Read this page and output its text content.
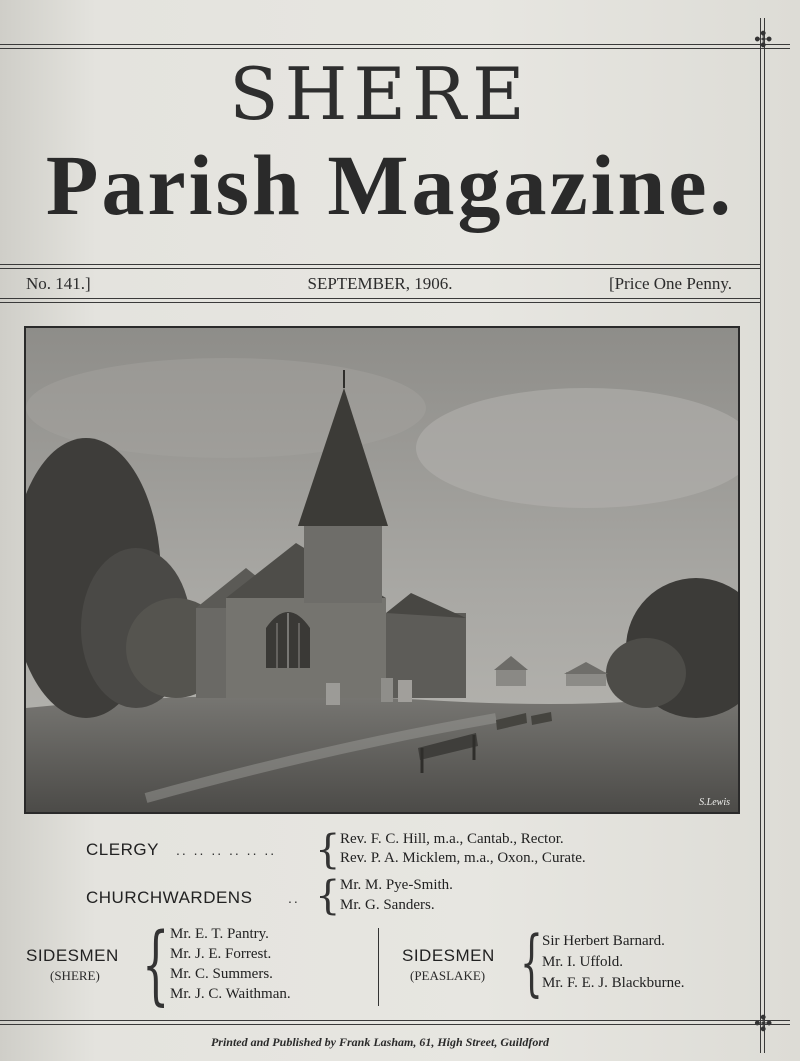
✣
✣
SHERE
Parish Magazine.
No. 141.]	SEPTEMBER, 1906.	[Price One Penny.
S.Lewis
CLERGY .. .. .. .. .. .. { Rev. F. C. Hill, m.a., Cantab., Rector.
Rev. P. A. Micklem, m.a., Oxon., Curate.
CHURCHWARDENS	.. { Mr. M. Pye-Smith.
Mr. G. Sanders.
SIDESMEN
(SHERE) { Mr. E. T. Pantry.
Mr. J. E. Forrest.
Mr. C. Summers.
Mr. J. C. Waithman.
SIDESMEN
(PEASLAKE) { Sir Herbert Barnard.
Mr. I. Uffold.
Mr. F. E. J. Blackburne.
Printed and Published by Frank Lasham, 61, High Street, Guildford
